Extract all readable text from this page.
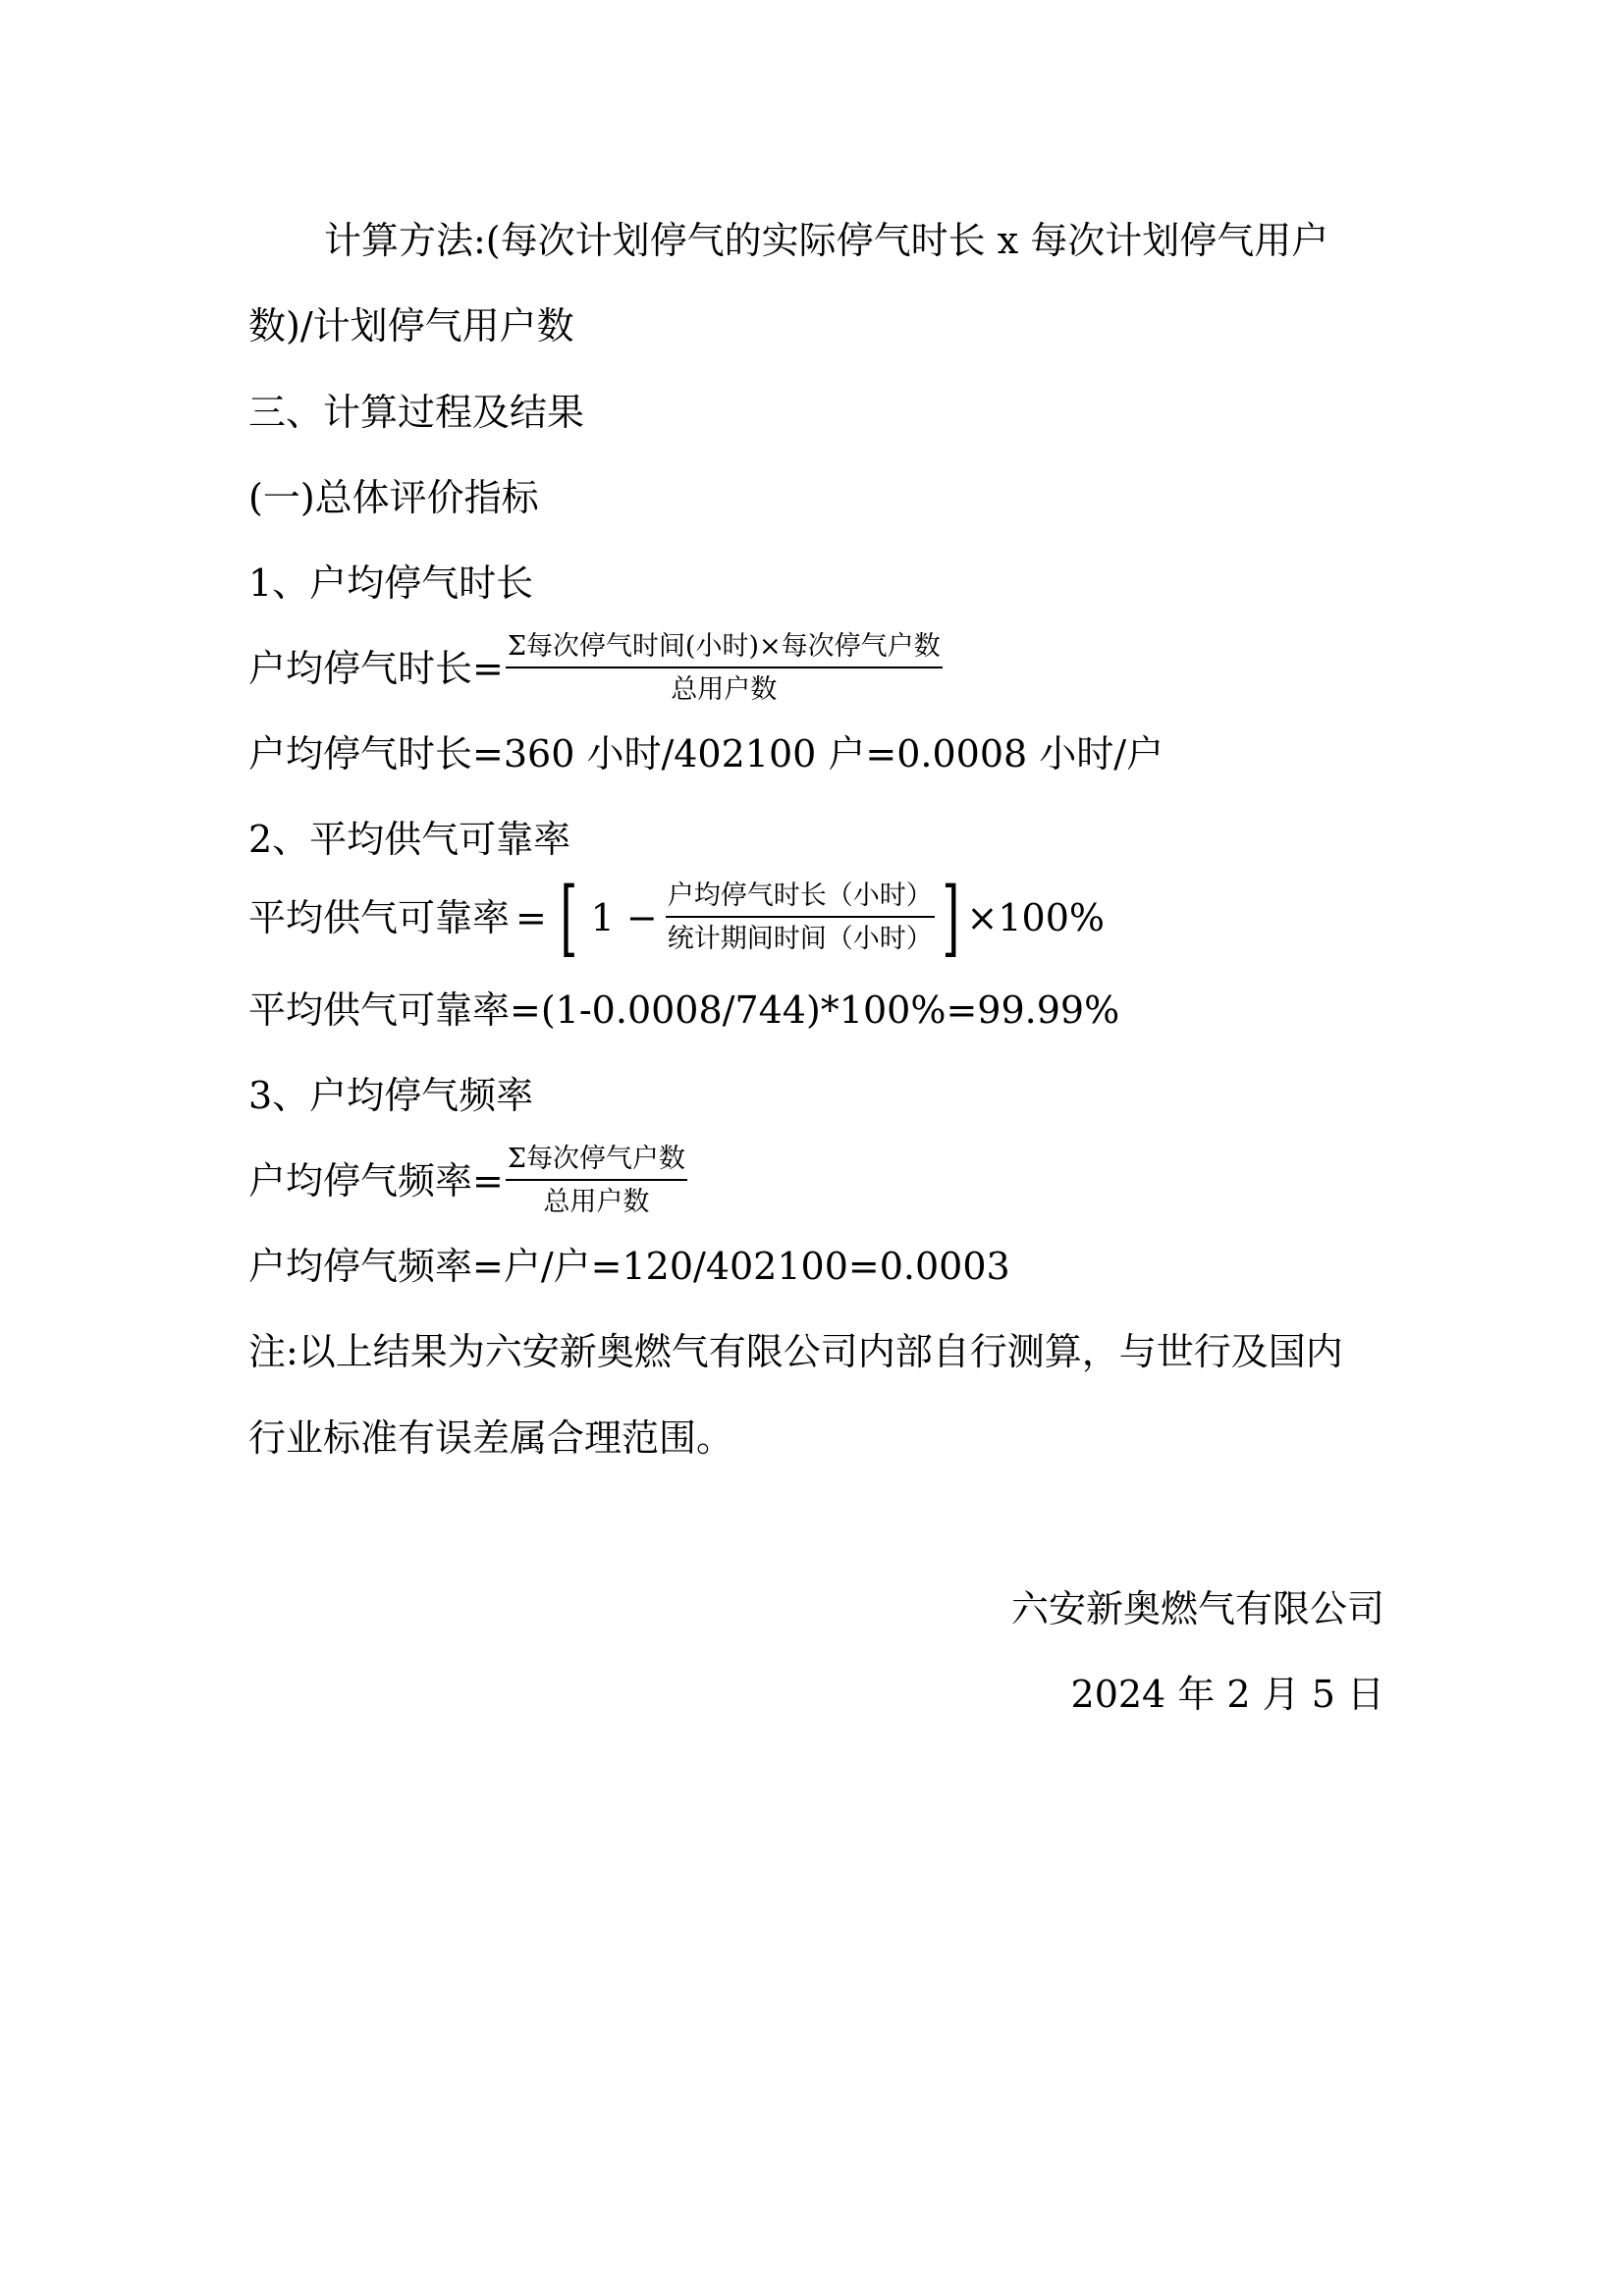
计算方法:(每次计划停气的实际停气时长 x 每次计划停气用户
数)/计划停气用户数
三、计算过程及结果
(一)总体评价指标
1、户均停气时长
户均停气时长= $\frac{\text{Σ每次停气时间(小时)×每次停气户数}}{\text{总用户数}}$
户均停气时长=360 小时/402100 户=0.0008 小时/户
2、平均供气可靠率
平均供气可靠率 = [ $1 - \frac{\text{户均停气时长（小时）}}{\text{统计期间时间（小时）}}$ ] ×100%
平均供气可靠率=(1-0.0008/744)*100%=99.99%
3、户均停气频率
户均停气频率= $\frac{\text{Σ每次停气户数}}{\text{总用户数}}$
户均停气频率=户/户=120/402100=0.0003
注:以上结果为六安新奥燃气有限公司内部自行测算，与世行及国内
行业标准有误差属合理范围。
六安新奥燃气有限公司
2024 年 2 月 5 日
